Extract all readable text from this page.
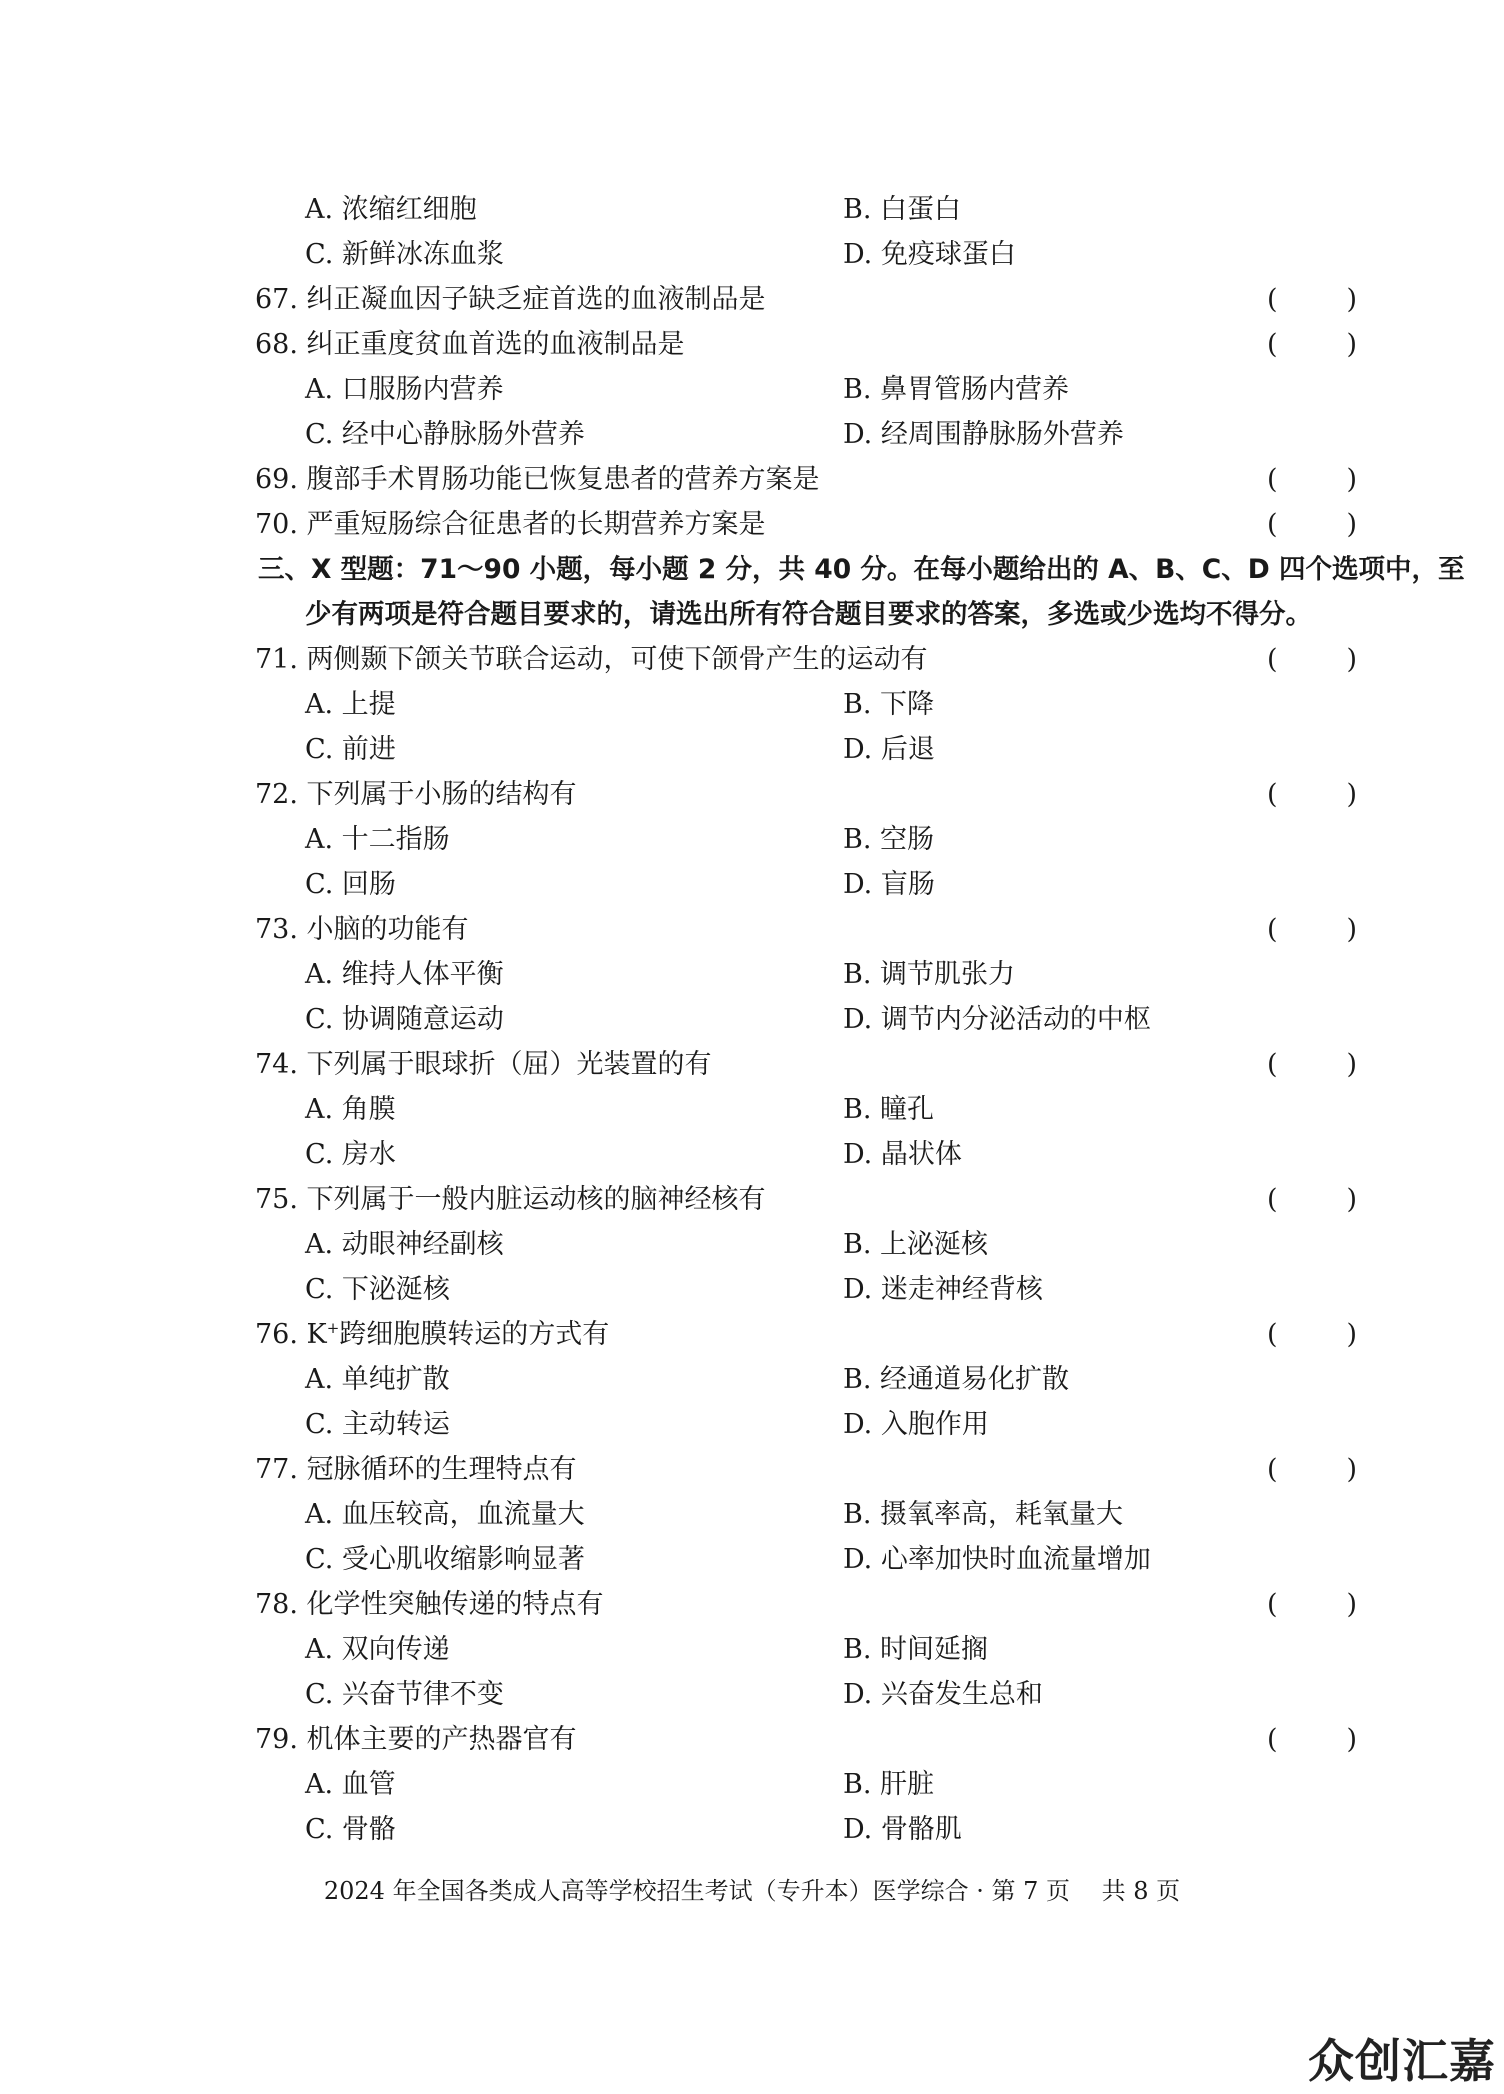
A. 浓缩红细胞	B. 白蛋白
C. 新鲜冰冻血浆	D. 免疫球蛋白
67. 纠正凝血因子缺乏症首选的血液制品是	(	)
68. 纠正重度贫血首选的血液制品是	(	)
A. 口服肠内营养	B. 鼻胃管肠内营养
C. 经中心静脉肠外营养	D. 经周围静脉肠外营养
69. 腹部手术胃肠功能已恢复患者的营养方案是	(	)
70. 严重短肠综合征患者的长期营养方案是	(	)
三、X 型题：71～90 小题，每小题 2 分，共 40 分。在每小题给出的 A、B、C、D 四个选项中，至
少有两项是符合题目要求的，请选出所有符合题目要求的答案，多选或少选均不得分。
71. 两侧颞下颌关节联合运动，可使下颌骨产生的运动有	(	)
A. 上提	B. 下降
C. 前进	D. 后退
72. 下列属于小肠的结构有	(	)
A. 十二指肠	B. 空肠
C. 回肠	D. 盲肠
73. 小脑的功能有	(	)
A. 维持人体平衡	B. 调节肌张力
C. 协调随意运动	D. 调节内分泌活动的中枢
74. 下列属于眼球折（屈）光装置的有	(	)
A. 角膜	B. 瞳孔
C. 房水	D. 晶状体
75. 下列属于一般内脏运动核的脑神经核有	(	)
A. 动眼神经副核	B. 上泌涎核
C. 下泌涎核	D. 迷走神经背核
76. K+跨细胞膜转运的方式有	(	)
A. 单纯扩散	B. 经通道易化扩散
C. 主动转运	D. 入胞作用
77. 冠脉循环的生理特点有	(	)
A. 血压较高，血流量大	B. 摄氧率高，耗氧量大
C. 受心肌收缩影响显著	D. 心率加快时血流量增加
78. 化学性突触传递的特点有	(	)
A. 双向传递	B. 时间延搁
C. 兴奋节律不变	D. 兴奋发生总和
79. 机体主要的产热器官有	(	)
A. 血管	B. 肝脏
C. 骨骼	D. 骨骼肌
2024 年全国各类成人高等学校招生考试（专升本）医学综合 · 第 7 页　 共 8 页
众创汇嘉
